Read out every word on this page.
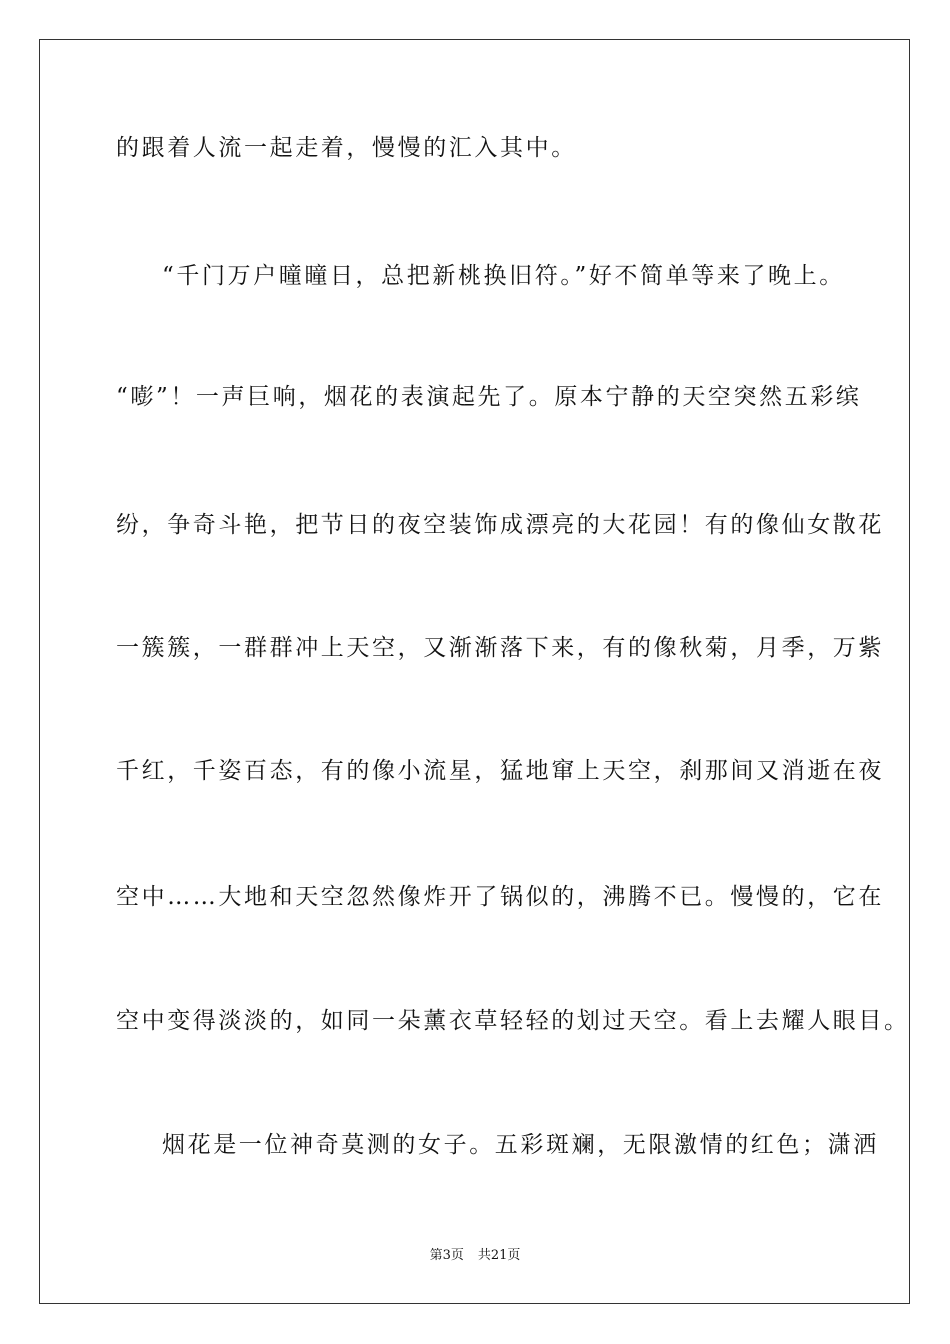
的跟着人流一起走着，慢慢的汇入其中。
“千门万户曈曈日，总把新桃换旧符。”好不简单等来了晚上。
“嘭”！一声巨响，烟花的表演起先了。原本宁静的天空突然五彩缤
纷，争奇斗艳，把节日的夜空装饰成漂亮的大花园！有的像仙女散花
一簇簇，一群群冲上天空，又渐渐落下来，有的像秋菊，月季，万紫
千红，千姿百态，有的像小流星，猛地窜上天空，刹那间又消逝在夜
空中……大地和天空忽然像炸开了锅似的，沸腾不已。慢慢的，它在
空中变得淡淡的，如同一朵薰衣草轻轻的划过天空。看上去耀人眼目。
烟花是一位神奇莫测的女子。五彩斑斓，无限激情的红色；潇洒
第3页 共21页
